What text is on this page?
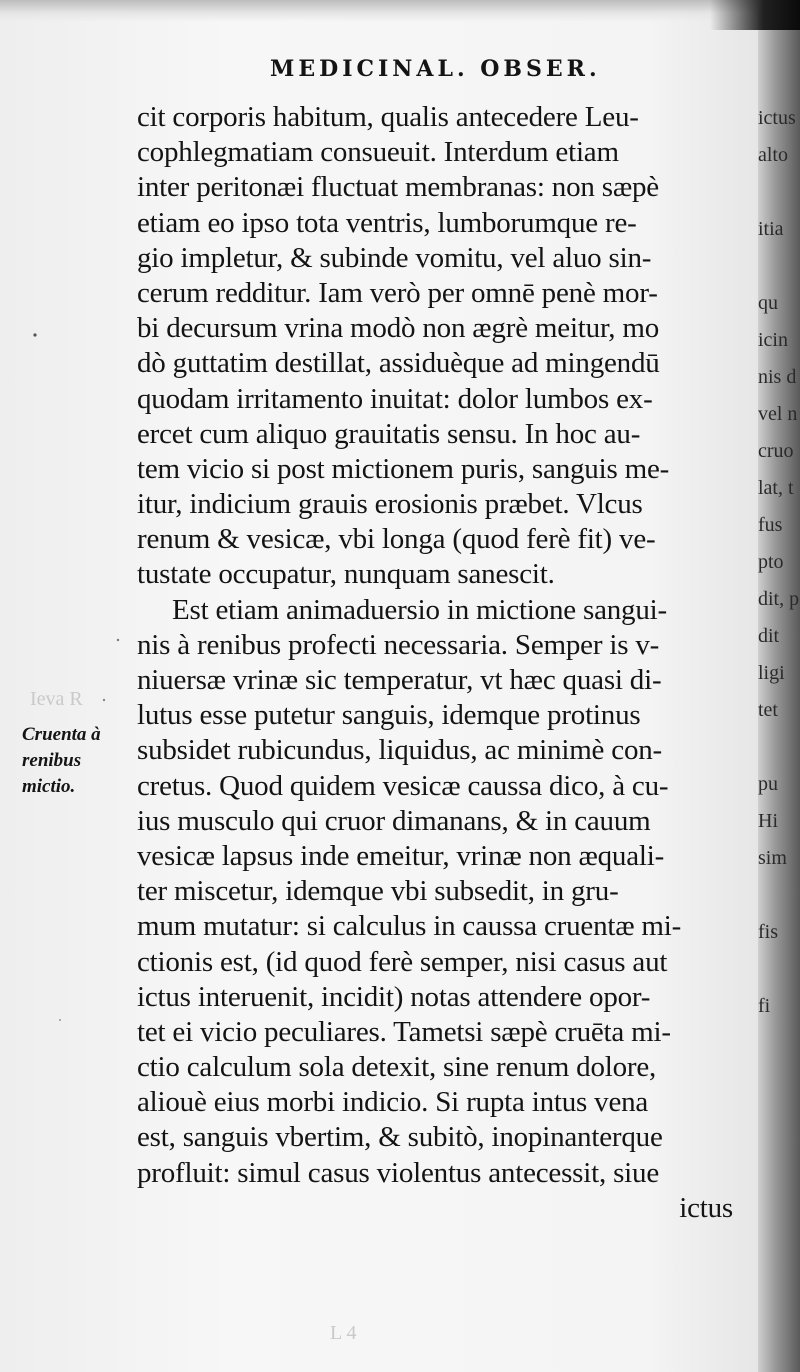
MEDICINAL. OBSER.
cit corporis habitum, qualis antecedere Leu-
cophlegmatiam consueuit. Interdum etiam
inter peritonæi fluctuat membranas: non sæpè
etiam eo ipso tota ventris, lumborumque re-
gio impletur, & subinde vomitu, vel aluo sin-
cerum redditur. Iam verò per omnē penè mor-
bi decursum vrina modò non ægrè meitur, mo
dò guttatim destillat, assiduèque ad mingendū
quodam irritamento inuitat: dolor lumbos ex-
ercet cum aliquo grauitatis sensu. In hoc au-
tem vicio si post mictionem puris, sanguis me-
itur, indicium grauis erosionis præbet. Vlcus
renum & vesicæ, vbi longa (quod ferè fit) ve-
tustate occupatur, nunquam sanescit.
Est etiam animaduersio in mictione sangui-
nis à renibus profecti necessaria. Semper is v-
niuersæ vrinæ sic temperatur, vt hæc quasi di-
lutus esse putetur sanguis, idemque protinus
subsidet rubicundus, liquidus, ac minimè con-
cretus. Quod quidem vesicæ caussa dico, à cu-
ius musculo qui cruor dimanans, & in cauum
vesicæ lapsus inde emeitur, vrinæ non æquali-
ter miscetur, idemque vbi subsedit, in gru-
mum mutatur: si calculus in caussa cruentæ mi-
ctionis est, (id quod ferè semper, nisi casus aut
ictus interuenit, incidit) notas attendere opor-
tet ei vicio peculiares. Tametsi sæpè cruēta mi-
ctio calculum sola detexit, sine renum dolore,
aliouè eius morbi indicio. Si rupta intus vena
est, sanguis vbertim, & subitò, inopinanterque
profluit: simul casus violentus antecessit, siue
ictus
Cruenta à
renibus
mictio.
Ieva R
L 4
ictus
alto
itia
qu
icin
nis d
vel n
cruo
lat, t
fus
pto
dit, p
dit
ligi
tet
pu
Hi
sim
fis
fi
